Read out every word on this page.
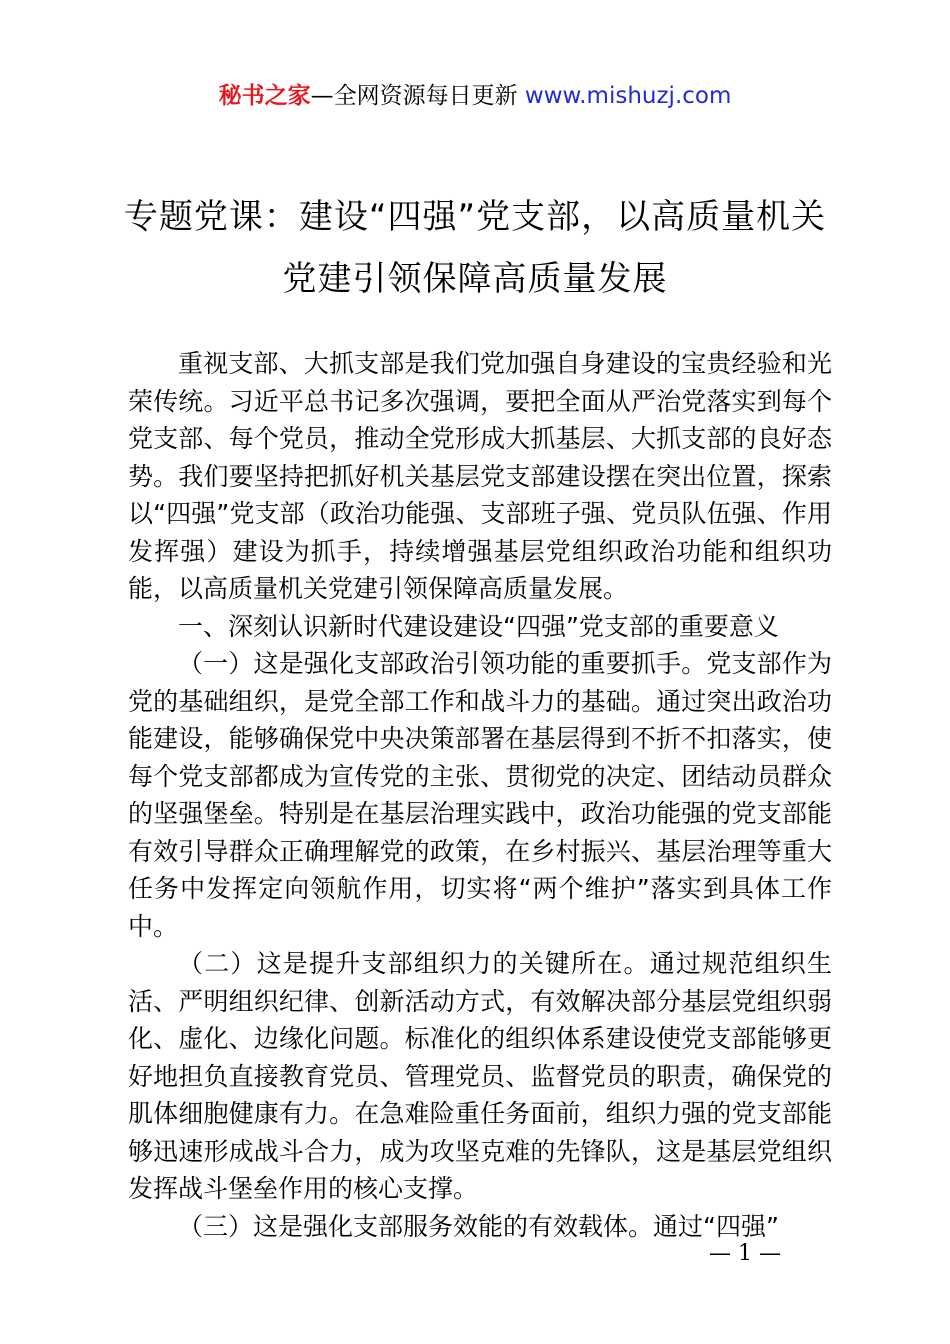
秘书之家—全网资源每日更新 www.mishuzj.com
专题党课：建设“四强”党支部，以高质量机关党建引领保障高质量发展

重视支部、大抓支部是我们党加强自身建设的宝贵经验和光荣传统。习近平总书记多次强调，要把全面从严治党落实到每个党支部、每个党员，推动全党形成大抓基层、大抓支部的良好态势。我们要坚持把抓好机关基层党支部建设摆在突出位置，探索以“四强”党支部（政治功能强、支部班子强、党员队伍强、作用发挥强）建设为抓手，持续增强基层党组织政治功能和组织功能，以高质量机关党建引领保障高质量发展。

一、深刻认识新时代建设建设“四强”党支部的重要意义

（一）这是强化支部政治引领功能的重要抓手。党支部作为党的基础组织，是党全部工作和战斗力的基础。通过突出政治功能建设，能够确保党中央决策部署在基层得到不折不扣落实，使每个党支部都成为宣传党的主张、贯彻党的决定、团结动员群众的坚强堡垒。特别是在基层治理实践中，政治功能强的党支部能有效引导群众正确理解党的政策，在乡村振兴、基层治理等重大任务中发挥定向领航作用，切实将“两个维护”落实到具体工作中。

（二）这是提升支部组织力的关键所在。通过规范组织生活、严明组织纪律、创新活动方式，有效解决部分基层党组织弱化、虚化、边缘化问题。标准化的组织体系建设使党支部能够更好地担负直接教育党员、管理党员、监督党员的职责，确保党的肌体细胞健康有力。在急难险重任务面前，组织力强的党支部能够迅速形成战斗合力，成为攻坚克难的先锋队，这是基层党组织发挥战斗堡垒作用的核心支撑。

（三）这是强化支部服务效能的有效载体。通过“四强”

— 1 —
